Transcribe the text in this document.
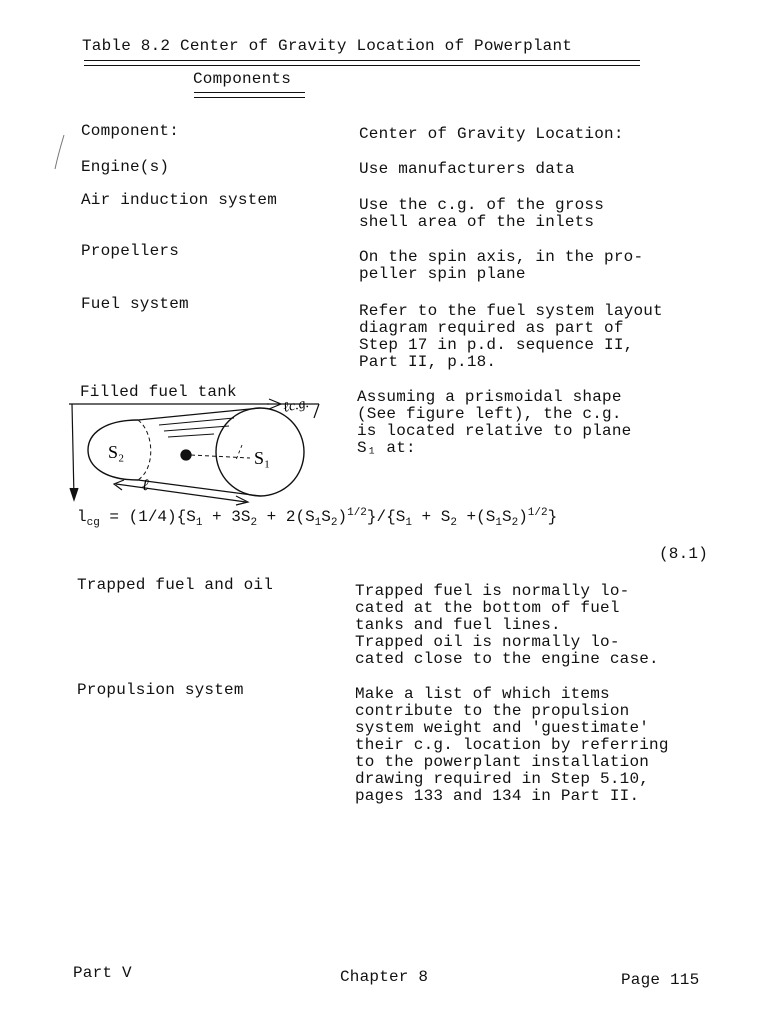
Table 8.2 Center of Gravity Location of Powerplant
Components
Component:	Center of Gravity Location:
Engine(s)	Use manufacturers data
Air induction system	Use the c.g. of the gross
shell area of the inlets
Propellers	On the spin axis, in the pro-
peller spin plane
Fuel system	Refer to the fuel system layout
diagram required as part of
Step 17 in p.d. sequence II,
Part II, p.18.
Filled fuel tank	Assuming a prismoidal shape
(See figure left), the c.g.
is located relative to plane
S₁ at:
S₂	S₁
ℓc.g.
ℓ
$l_{cg} = (1/4)\{S_1 + 3S_2 + 2(S_1S_2)^{1/2}\}/\{S_1 + S_2 +(S_1S_2)^{1/2}\}$
(8.1)
Trapped fuel and oil	Trapped fuel is normally lo-
cated at the bottom of fuel
tanks and fuel lines.
Trapped oil is normally lo-
cated close to the engine case.
Propulsion system	Make a list of which items
contribute to the propulsion
system weight and 'guestimate'
their c.g. location by referring
to the powerplant installation
drawing required in Step 5.10,
pages 133 and 134 in Part II.
Part V	Chapter 8	Page 115
